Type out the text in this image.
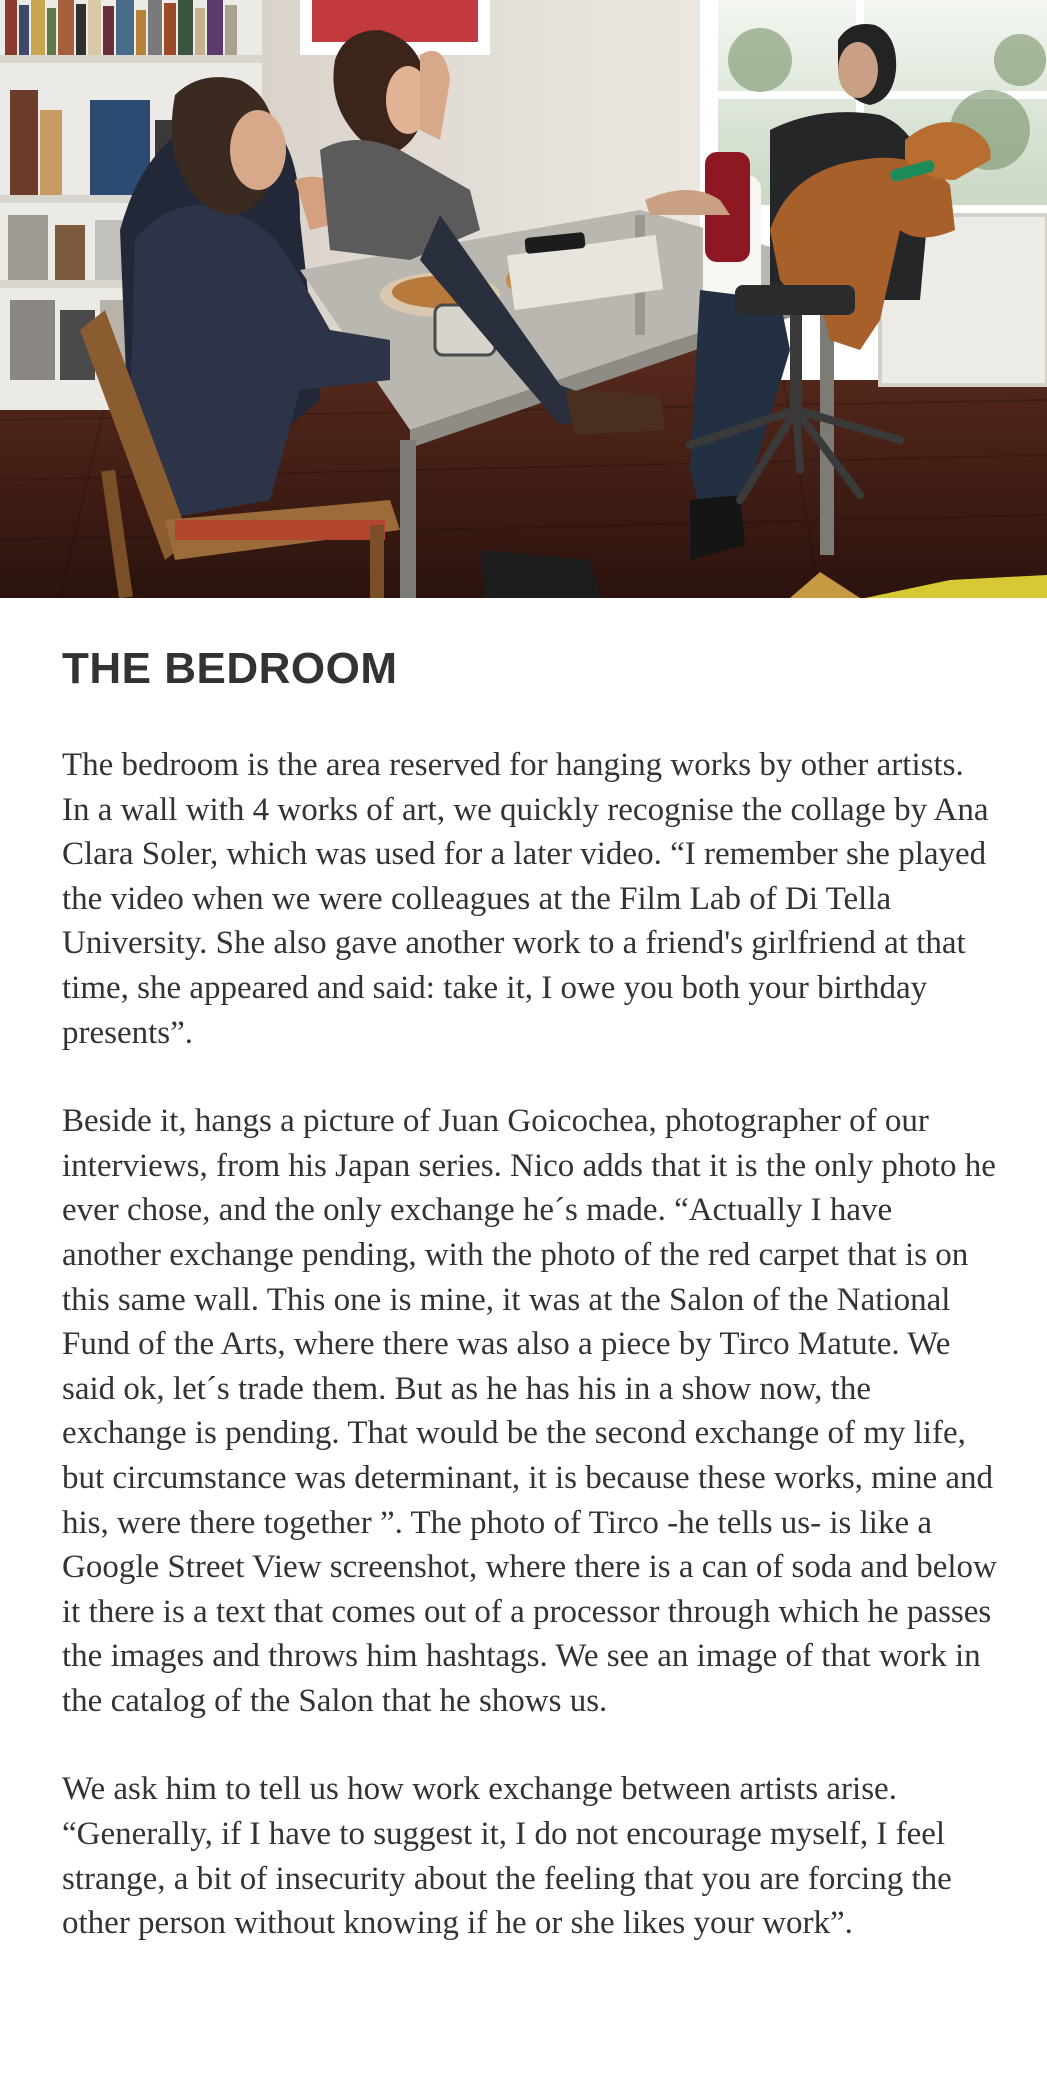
THE BEDROOM

The bedroom is the area reserved for hanging works by other artists. In a wall with 4 works of art, we quickly recognise the collage by Ana Clara Soler, which was used for a later video. “I remember she played the video when we were colleagues at the Film Lab of Di Tella University. She also gave another work to a friend's girlfriend at that time, she appeared and said: take it, I owe you both your birthday presents”.

Beside it, hangs a picture of Juan Goicochea, photographer of our interviews, from his Japan series. Nico adds that it is the only photo he ever chose, and the only exchange he´s made. “Actually I have another exchange pending, with the photo of the red carpet that is on this same wall. This one is mine, it was at the Salon of the National Fund of the Arts, where there was also a piece by Tirco Matute. We said ok, let´s trade them. But as he has his in a show now, the exchange is pending. That would be the second exchange of my life, but circumstance was determinant, it is because these works, mine and his, were there together ”. The photo of Tirco -he tells us- is like a Google Street View screenshot, where there is a can of soda and below it there is a text that comes out of a processor through which he passes the images and throws him hashtags. We see an image of that work in the catalog of the Salon that he shows us.

We ask him to tell us how work exchange between artists arise. “Generally, if I have to suggest it, I do not encourage myself, I feel strange, a bit of insecurity about the feeling that you are forcing the other person without knowing if he or she likes your work”.
